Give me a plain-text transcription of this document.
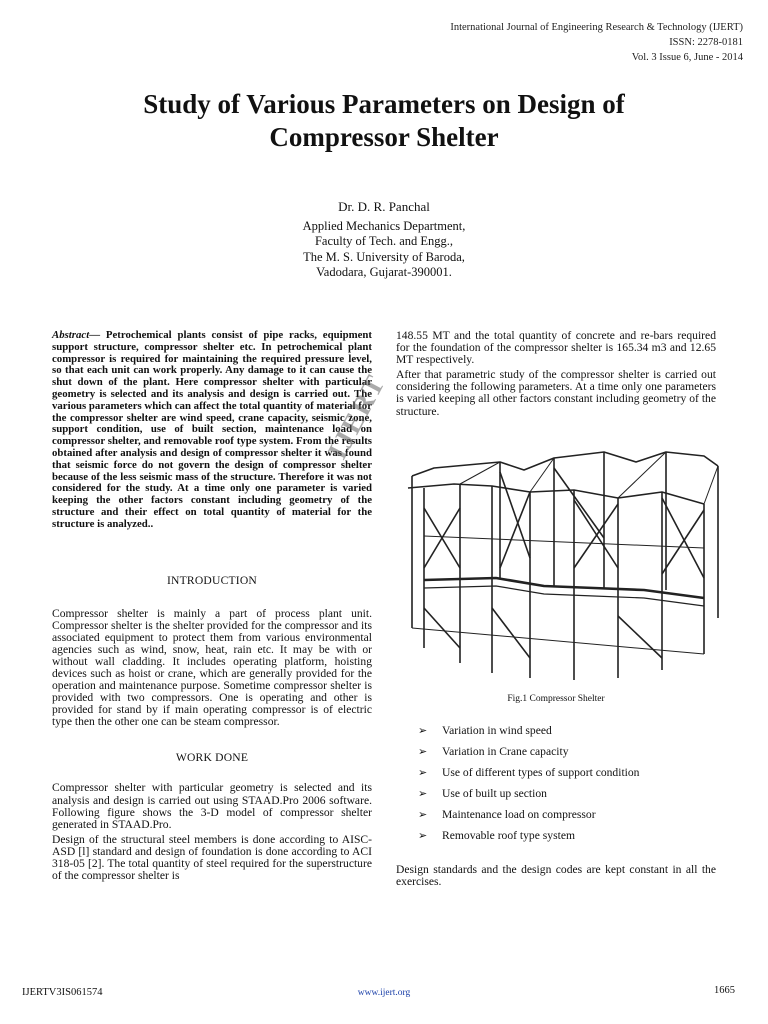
International Journal of Engineering Research & Technology (IJERT)
ISSN: 2278-0181
Vol. 3 Issue 6, June - 2014
Study of Various Parameters on Design of
Compressor Shelter
Dr. D. R. Panchal
Applied Mechanics Department,
Faculty of Tech. and Engg.,
The M. S. University of Baroda,
Vadodara, Gujarat-390001.

Abstract— Petrochemical plants consist of pipe racks, equipment support structure, compressor shelter etc. In petrochemical plant compressor is required for maintaining the required pressure level, so that each unit can work properly. Any damage to it can cause the shut down of the plant. Here compressor shelter with particular geometry is selected and its analysis and design is carried out. The various parameters which can affect the total quantity of material for the compressor shelter are wind speed, crane capacity, seismic zone, support condition, use of built section, maintenance load on compressor shelter, and removable roof type system. From the results obtained after analysis and design of compressor shelter it was found that seismic force do not govern the design of compressor shelter because of the less seismic mass of the structure. Therefore it was not considered for the study. At a time only one parameter is varied keeping the other factors constant including geometry of the structure and their effect on total quantity of material for the structure is analyzed..

INTRODUCTION

Compressor shelter is mainly a part of process plant unit. Compressor shelter is the shelter provided for the compressor and its associated equipment to protect them from various environmental agencies such as wind, snow, heat, rain etc. It may be with or without wall cladding. It includes operating platform, hoisting devices such as hoist or crane, which are generally provided for the operation and maintenance purpose. Sometime compressor shelter is provided with two compressors. One is operating and other is provided for stand by if main operating compressor is of electric type then the other one can be steam compressor.

WORK DONE

Compressor shelter with particular geometry is selected and its analysis and design is carried out using STAAD.Pro 2006 software. Following figure shows the 3-D model of compressor shelter generated in STAAD.Pro.

Design of the structural steel members is done according to AISC-ASD [l] standard and design of foundation is done according to ACI 318-05 [2]. The total quantity of steel required for the superstructure of the compressor shelter is

148.55 MT and the total quantity of concrete and re-bars required for the foundation of the compressor shelter is 165.34 m3 and 12.65 MT respectively.

After that parametric study of the compressor shelter is carried out considering the following parameters. At a time only one parameters is varied keeping all other factors constant including geometry of the structure.

IJERT
Fig.1 Compressor Shelter
➢	Variation in wind speed
➢	Variation in Crane capacity
➢	Use of different types of support condition
➢	Use of built up section
➢	Maintenance load on compressor
➢	Removable roof type system

Design standards and the design codes are kept constant in all the exercises.

IJERTV3IS061574	www.ijert.org	1665
